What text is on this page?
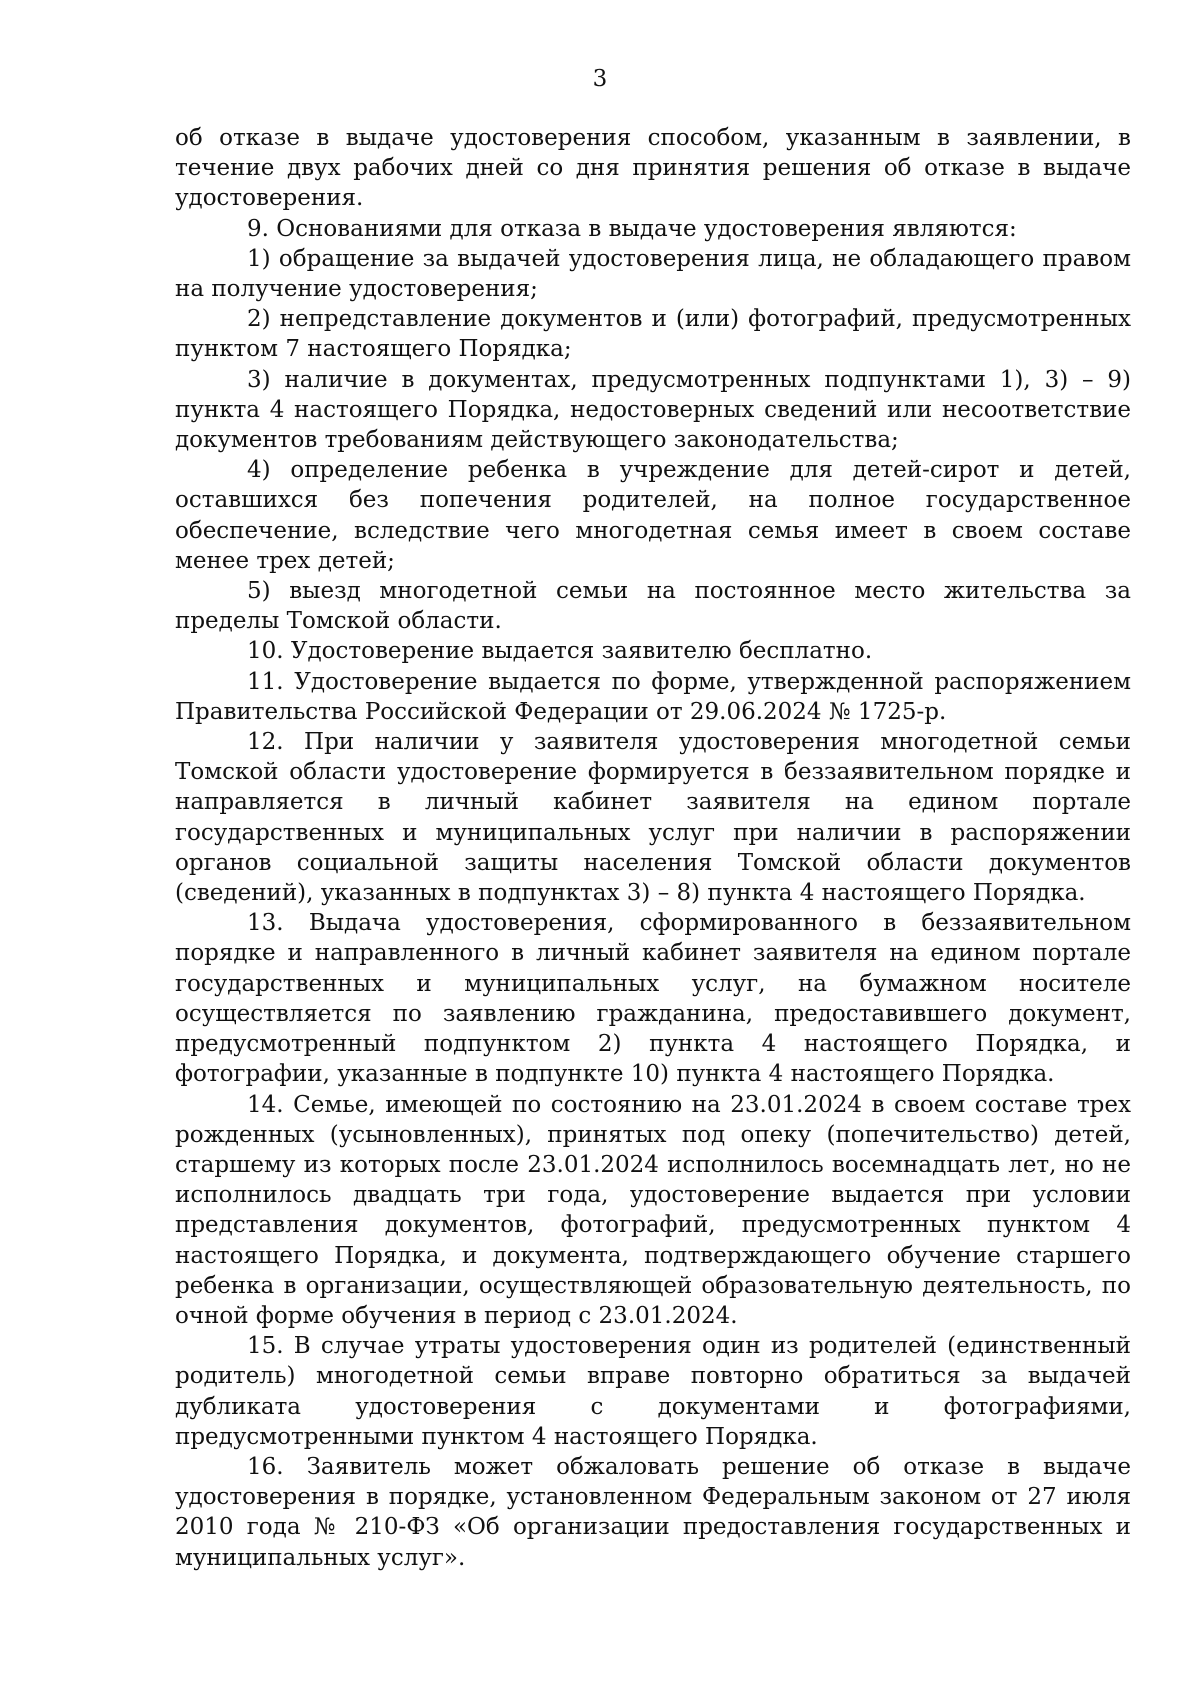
3

об отказе в выдаче удостоверения способом, указанным в заявлении, в течение двух рабочих дней со дня принятия решения об отказе в выдаче удостоверения.

9. Основаниями для отказа в выдаче удостоверения являются:

1) обращение за выдачей удостоверения лица, не обладающего правом на получение удостоверения;

2) непредставление документов и (или) фотографий, предусмотренных пунктом 7 настоящего Порядка;

3) наличие в документах, предусмотренных подпунктами 1), 3) – 9) пункта 4 настоящего Порядка, недостоверных сведений или несоответствие документов требованиям действующего законодательства;

4) определение ребенка в учреждение для детей-сирот и детей, оставшихся без попечения родителей, на полное государственное обеспечение, вследствие чего многодетная семья имеет в своем составе менее трех детей;

5) выезд многодетной семьи на постоянное место жительства за пределы Томской области.

10. Удостоверение выдается заявителю бесплатно.

11. Удостоверение выдается по форме, утвержденной распоряжением Правительства Российской Федерации от 29.06.2024 № 1725-р.

12. При наличии у заявителя удостоверения многодетной семьи Томской области удостоверение формируется в беззаявительном порядке и направляется в личный кабинет заявителя на едином портале государственных и муниципальных услуг при наличии в распоряжении органов социальной защиты населения Томской области документов (сведений), указанных в подпунктах 3) – 8) пункта 4 настоящего Порядка.

13. Выдача удостоверения, сформированного в беззаявительном порядке и направленного в личный кабинет заявителя на едином портале государственных и муниципальных услуг, на бумажном носителе осуществляется по заявлению гражданина, предоставившего документ, предусмотренный подпунктом 2) пункта 4 настоящего Порядка, и фотографии, указанные в подпункте 10) пункта 4 настоящего Порядка.

14. Семье, имеющей по состоянию на 23.01.2024 в своем составе трех рожденных (усыновленных), принятых под опеку (попечительство) детей, старшему из которых после 23.01.2024 исполнилось восемнадцать лет, но не исполнилось двадцать три года, удостоверение выдается при условии представления документов, фотографий, предусмотренных пунктом 4 настоящего Порядка, и документа, подтверждающего обучение старшего ребенка в организации, осуществляющей образовательную деятельность, по очной форме обучения в период с 23.01.2024.

15. В случае утраты удостоверения один из родителей (единственный родитель) многодетной семьи вправе повторно обратиться за выдачей дубликата удостоверения с документами и фотографиями, предусмотренными пунктом 4 настоящего Порядка.

16. Заявитель может обжаловать решение об отказе в выдаче удостоверения в порядке, установленном Федеральным законом от 27 июля 2010 года № 210-ФЗ «Об организации предоставления государственных и муниципальных услуг».
